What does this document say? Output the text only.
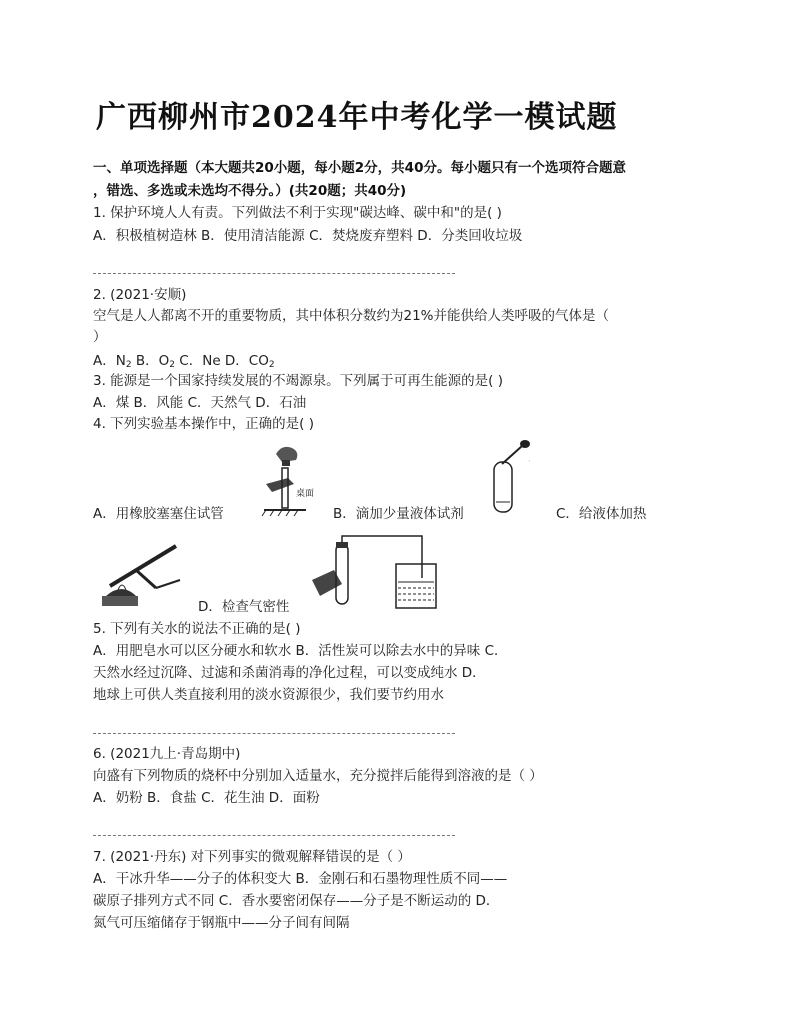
广西柳州市2024年中考化学一模试题
一、单项选择题（本大题共20小题，每小题2分，共40分。每小题只有一个选项符合题意
，错选、多选或未选均不得分。）(共20题；共40分)
1. 保护环境人人有责。下列做法不利于实现"碳达峰、碳中和"的是( )
A．积极植树造林 B．使用清洁能源 C．焚烧废弃塑料 D．分类回收垃圾
2. (2021·安顺)
空气是人人都离不开的重要物质，其中体积分数约为21%并能供给人类呼吸的气体是（
）
A．$N_2$ B．$O_2$ C．Ne D．$CO_2$
3. 能源是一个国家持续发展的不竭源泉。下列属于可再生能源的是( )
A．煤 B．风能 C．天然气 D．石油
4. 下列实验基本操作中，正确的是( )
桌面
A．用橡胶塞塞住试管
·
B．滴加少量液体试剂	C．给液体加热
D．检查气密性
5. 下列有关水的说法不正确的是( )
A．用肥皂水可以区分硬水和软水 B．活性炭可以除去水中的异味 C．
天然水经过沉降、过滤和杀菌消毒的净化过程，可以变成纯水 D．
地球上可供人类直接利用的淡水资源很少，我们要节约用水
6. (2021九上·青岛期中)
向盛有下列物质的烧杯中分别加入适量水，充分搅拌后能得到溶液的是（ ）
A．奶粉 B．食盐 C．花生油 D．面粉
7. (2021·丹东) 对下列事实的微观解释错误的是（ ）
A．干冰升华——分子的体积变大 B．金刚石和石墨物理性质不同——
碳原子排列方式不同 C．香水要密闭保存——分子是不断运动的 D．
氮气可压缩储存于钢瓶中——分子间有间隔
